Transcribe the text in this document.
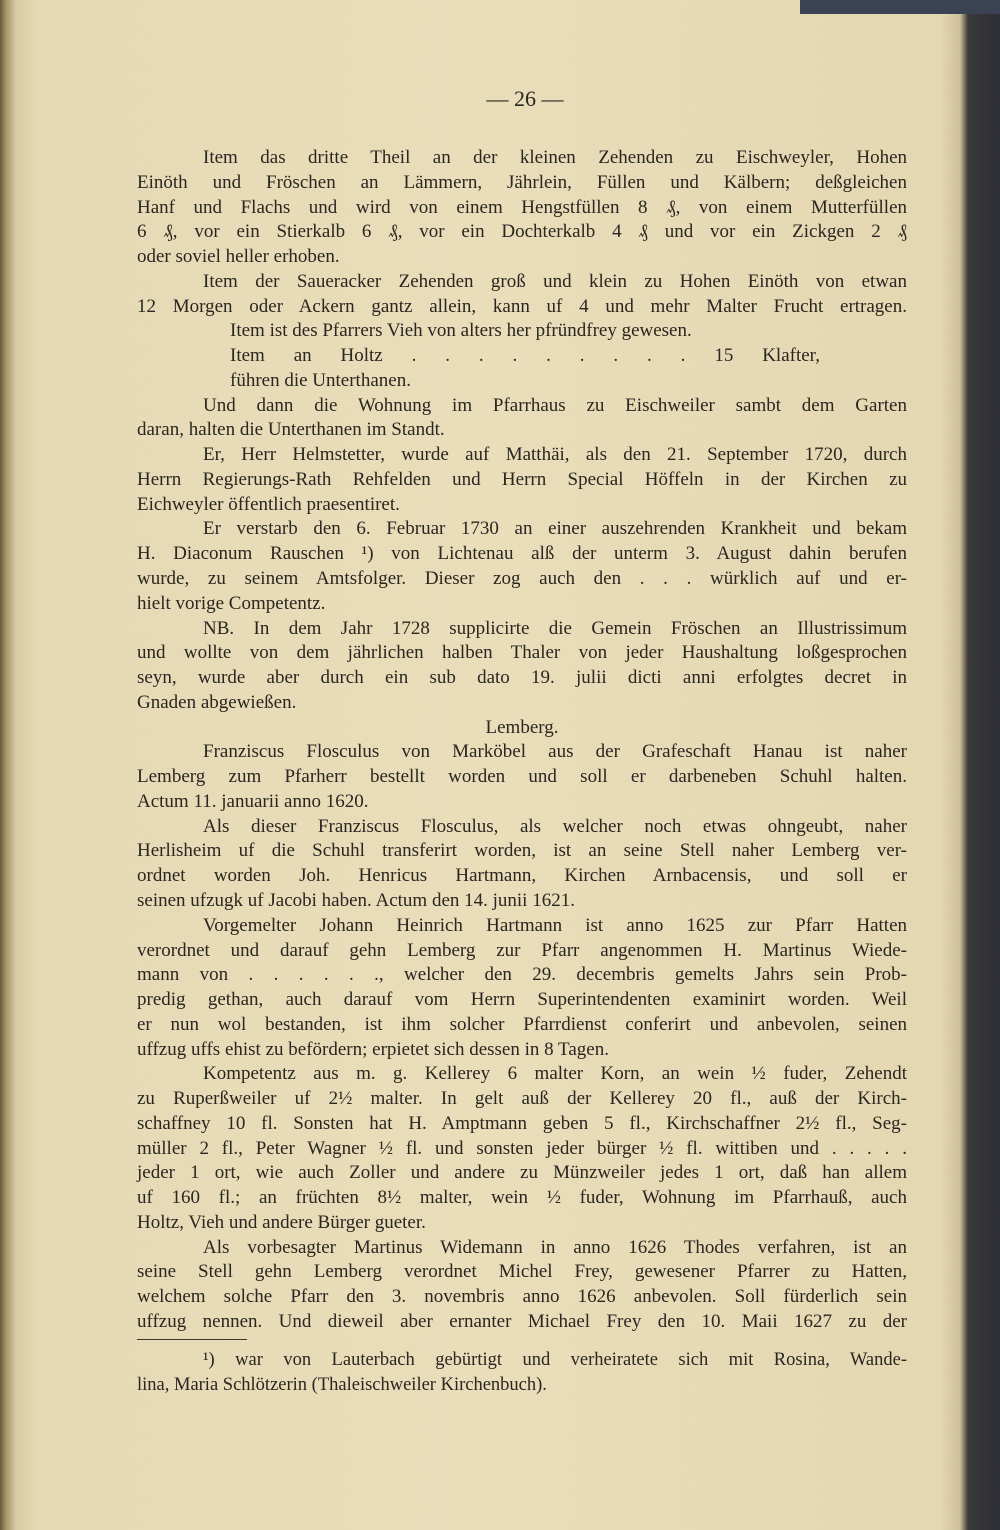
— 26 —
Item das dritte Theil an der kleinen Zehenden zu Eischweyler, Hohen
Einöth und Fröschen an Lämmern, Jährlein, Füllen und Kälbern; deßgleichen
Hanf und Flachs und wird von einem Hengstfüllen 8 ₰, von einem Mutterfüllen
6 ₰, vor ein Stierkalb 6 ₰, vor ein Dochterkalb 4 ₰ und vor ein Zickgen 2 ₰
oder soviel heller erhoben.
Item der Saueracker Zehenden groß und klein zu Hohen Einöth von etwan
12 Morgen oder Ackern gantz allein, kann uf 4 und mehr Malter Frucht ertragen.
Item ist des Pfarrers Vieh von alters her pfründfrey gewesen.
Item an Holtz . . . . . . . . . 15 Klafter,
führen die Unterthanen.
Und dann die Wohnung im Pfarrhaus zu Eischweiler sambt dem Garten
daran, halten die Unterthanen im Standt.
Er, Herr Helmstetter, wurde auf Matthäi, als den 21. September 1720, durch
Herrn Regierungs-Rath Rehfelden und Herrn Special Höffeln in der Kirchen zu
Eichweyler öffentlich praesentiret.
Er verstarb den 6. Februar 1730 an einer auszehrenden Krankheit und bekam
H. Diaconum Rauschen ¹) von Lichtenau alß der unterm 3. August dahin berufen
wurde, zu seinem Amtsfolger. Dieser zog auch den . . . würklich auf und er-
hielt vorige Competentz.
NB. In dem Jahr 1728 supplicirte die Gemein Fröschen an Illustrissimum
und wollte von dem jährlichen halben Thaler von jeder Haushaltung loßgesprochen
seyn, wurde aber durch ein sub dato 19. julii dicti anni erfolgtes decret in
Gnaden abgewießen.
Lemberg.
Franziscus Flosculus von Marköbel aus der Grafeschaft Hanau ist naher
Lemberg zum Pfarherr bestellt worden und soll er darbeneben Schuhl halten.
Actum 11. januarii anno 1620.
Als dieser Franziscus Flosculus, als welcher noch etwas ohngeubt, naher
Herlisheim uf die Schuhl transferirt worden, ist an seine Stell naher Lemberg ver-
ordnet worden Joh. Henricus Hartmann, Kirchen Arnbacensis, und soll er
seinen ufzugk uf Jacobi haben. Actum den 14. junii 1621.
Vorgemelter Johann Heinrich Hartmann ist anno 1625 zur Pfarr Hatten
verordnet und darauf gehn Lemberg zur Pfarr angenommen H. Martinus Wiede-
mann von . . . . . ., welcher den 29. decembris gemelts Jahrs sein Prob-
predig gethan, auch darauf vom Herrn Superintendenten examinirt worden. Weil
er nun wol bestanden, ist ihm solcher Pfarrdienst conferirt und anbevolen, seinen
uffzug uffs ehist zu befördern; erpietet sich dessen in 8 Tagen.
Kompetentz aus m. g. Kellerey 6 malter Korn, an wein ½ fuder, Zehendt
zu Ruperßweiler uf 2½ malter. In gelt auß der Kellerey 20 fl., auß der Kirch-
schaffney 10 fl. Sonsten hat H. Amptmann geben 5 fl., Kirchschaffner 2½ fl., Seg-
müller 2 fl., Peter Wagner ½ fl. und sonsten jeder bürger ½ fl. wittiben und . . . . .
jeder 1 ort, wie auch Zoller und andere zu Münzweiler jedes 1 ort, daß han allem
uf 160 fl.; an früchten 8½ malter, wein ½ fuder, Wohnung im Pfarrhauß, auch
Holtz, Vieh und andere Bürger gueter.
Als vorbesagter Martinus Widemann in anno 1626 Thodes verfahren, ist an
seine Stell gehn Lemberg verordnet Michel Frey, gewesener Pfarrer zu Hatten,
welchem solche Pfarr den 3. novembris anno 1626 anbevolen. Soll fürderlich sein
uffzug nennen. Und dieweil aber ernanter Michael Frey den 10. Maii 1627 zu der
¹) war von Lauterbach gebürtigt und verheiratete sich mit Rosina, Wande-
lina, Maria Schlötzerin (Thaleischweiler Kirchenbuch).
